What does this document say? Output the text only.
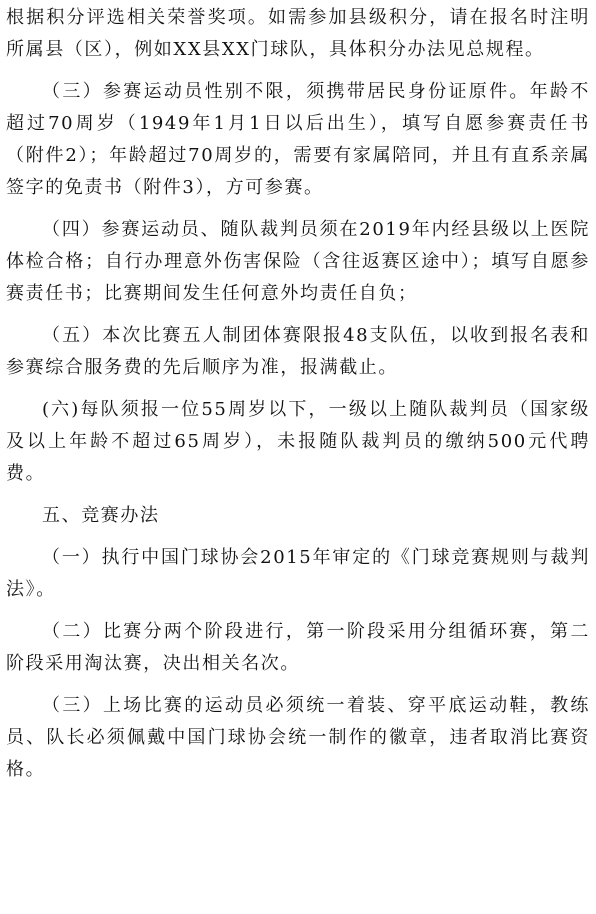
根据积分评选相关荣誉奖项。如需参加县级积分，请在报名时注明所属县（区），例如XX县XX门球队，具体积分办法见总规程。

（三）参赛运动员性别不限，须携带居民身份证原件。年龄不超过70周岁（1949年1月1日以后出生），填写自愿参赛责任书（附件2）；年龄超过70周岁的，需要有家属陪同，并且有直系亲属签字的免责书（附件3），方可参赛。

（四）参赛运动员、随队裁判员须在2019年内经县级以上医院体检合格；自行办理意外伤害保险（含往返赛区途中）；填写自愿参赛责任书；比赛期间发生任何意外均责任自负；

（五）本次比赛五人制团体赛限报48支队伍，以收到报名表和参赛综合服务费的先后顺序为准，报满截止。

(六)每队须报一位55周岁以下，一级以上随队裁判员（国家级及以上年龄不超过65周岁），未报随队裁判员的缴纳500元代聘费。

五、竞赛办法

（一）执行中国门球协会2015年审定的《门球竞赛规则与裁判法》。

（二）比赛分两个阶段进行，第一阶段采用分组循环赛，第二阶段采用淘汰赛，决出相关名次。

（三）上场比赛的运动员必须统一着装、穿平底运动鞋，教练员、队长必须佩戴中国门球协会统一制作的徽章，违者取消比赛资格。
